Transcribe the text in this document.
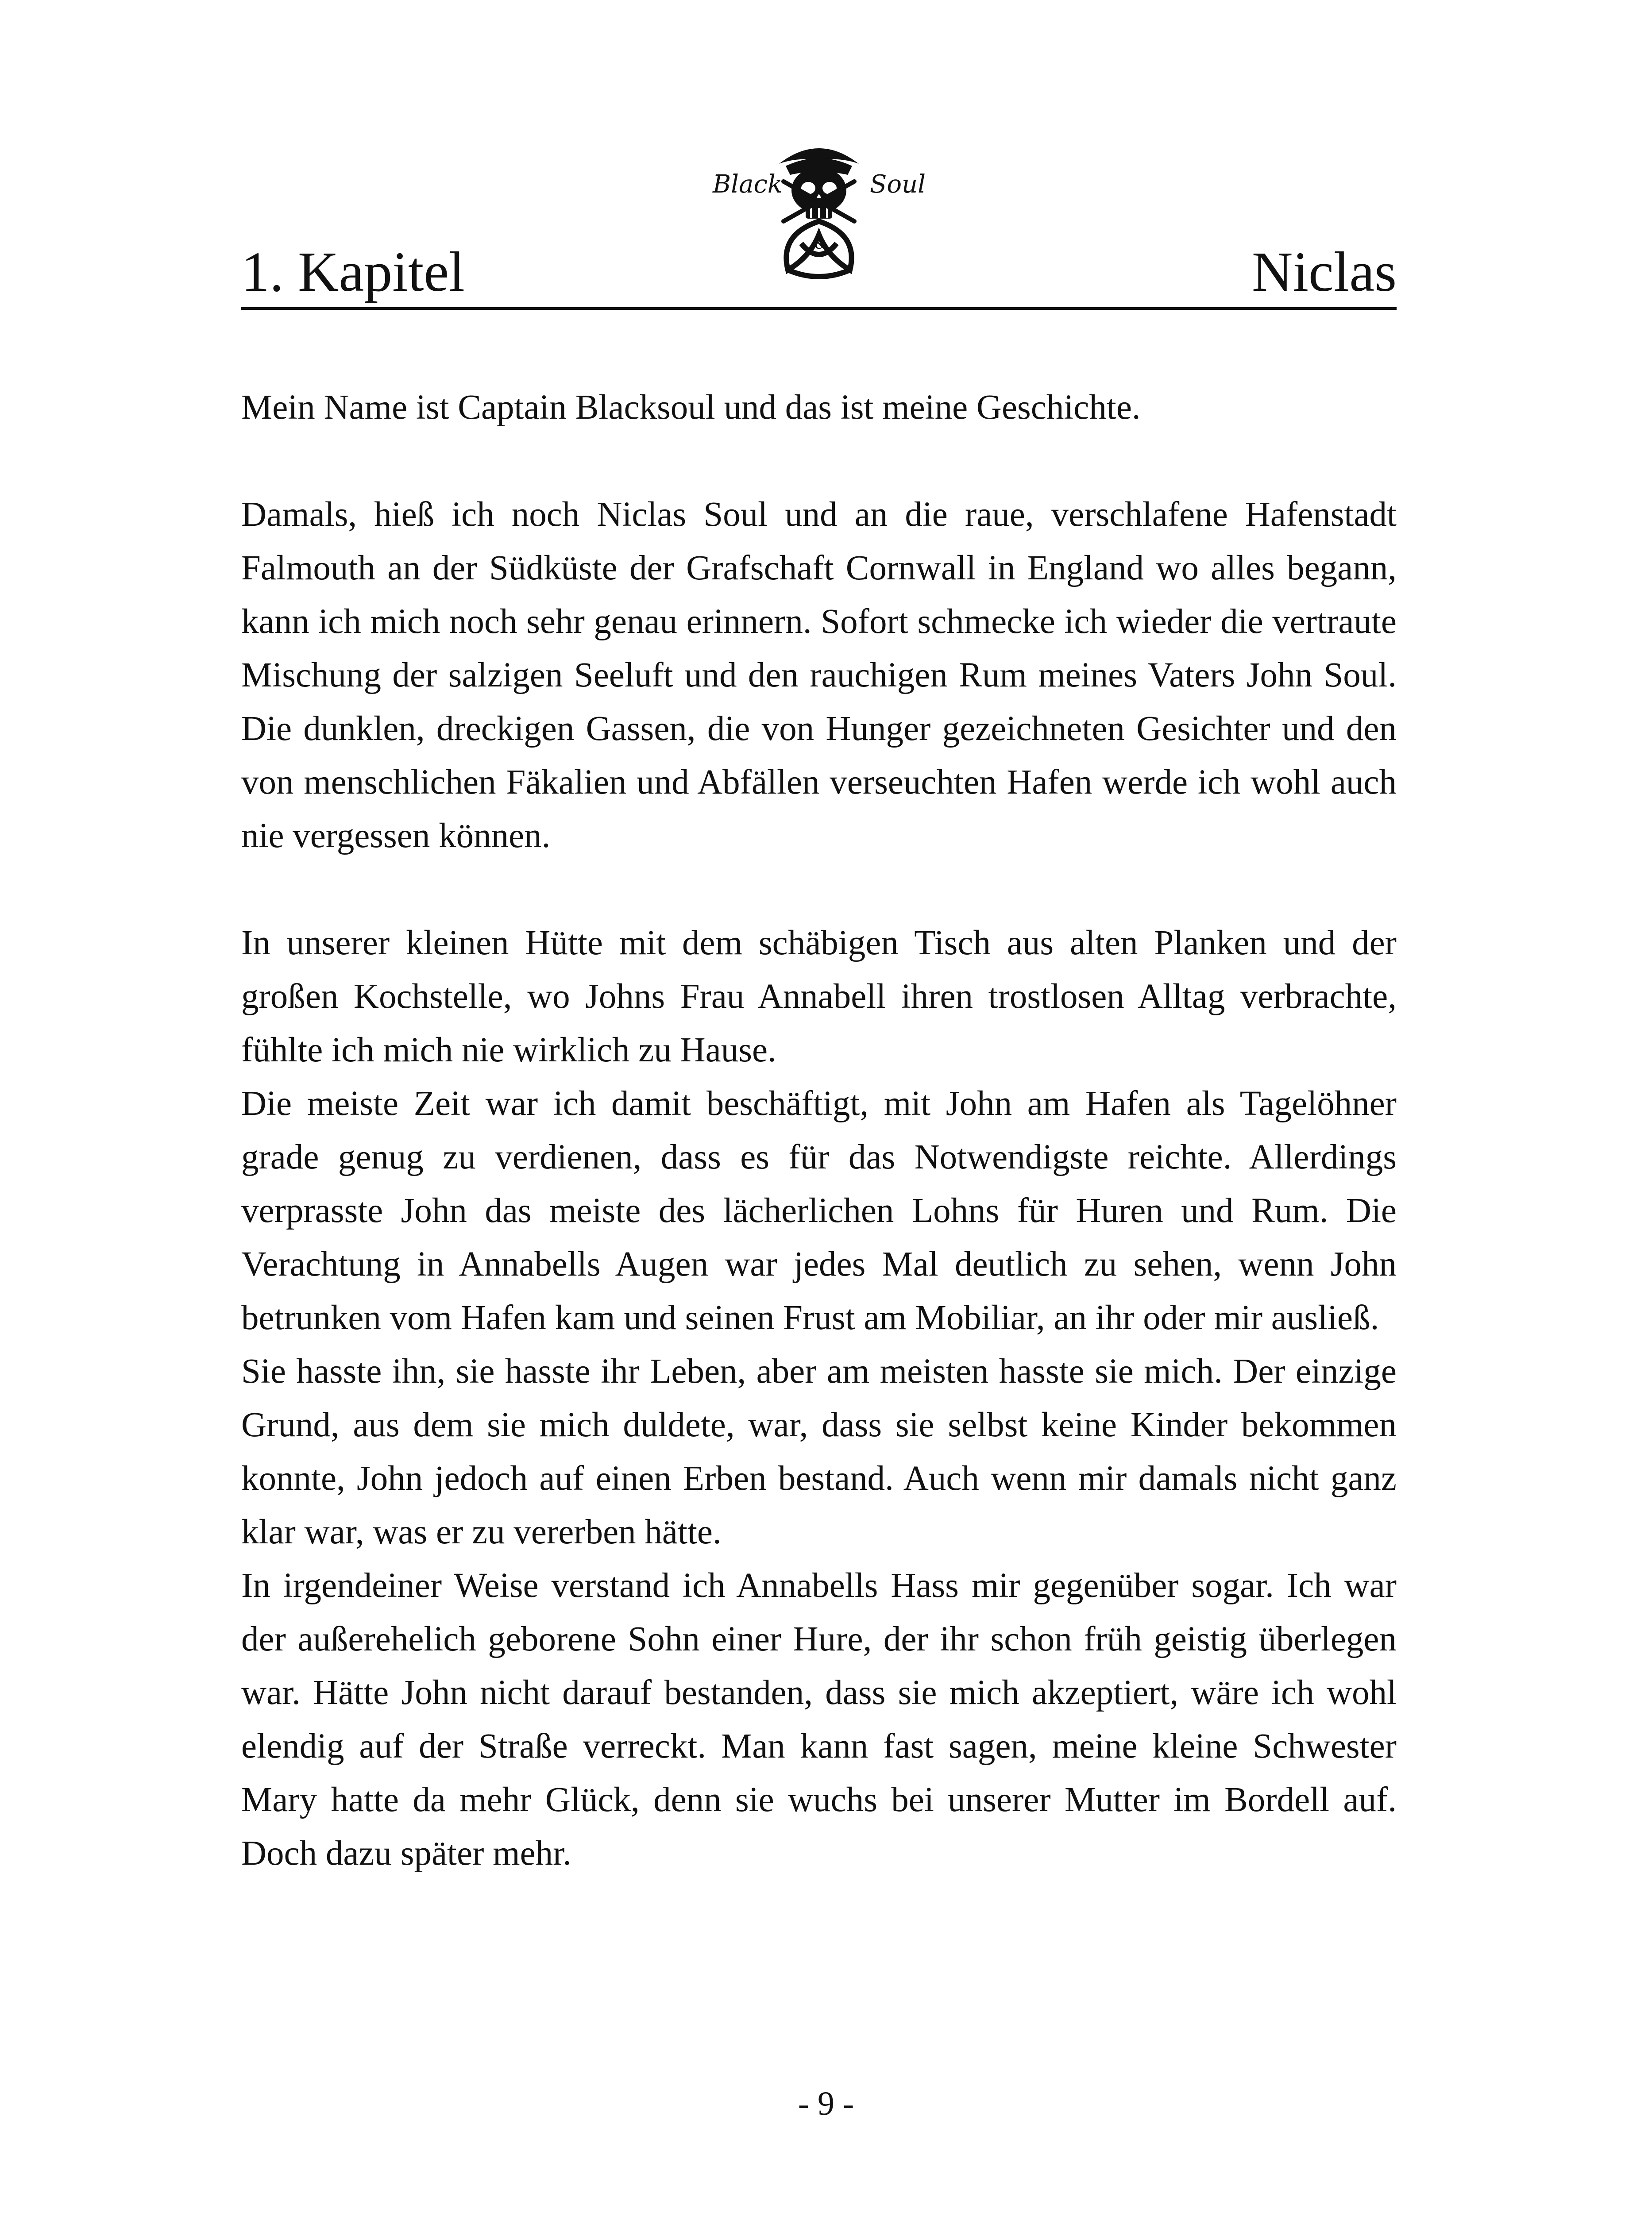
Black	Soul
&
1. Kapitel	Niclas

Mein Name ist Captain Blacksoul und das ist meine Geschichte.

Damals, hieß ich noch Niclas Soul und an die raue, verschlafene Hafenstadt Falmouth an der Südküste der Grafschaft Cornwall in England wo alles begann, kann ich mich noch sehr genau erinnern. Sofort schmecke ich wieder die vertraute Mischung der salzigen Seeluft und den rauchigen Rum meines Vaters John Soul. Die dunklen, dreckigen Gassen, die von Hunger gezeichneten Gesichter und den von menschlichen Fäkalien und Abfällen verseuchten Hafen werde ich wohl auch nie vergessen können.

In unserer kleinen Hütte mit dem schäbigen Tisch aus alten Planken und der großen Kochstelle, wo Johns Frau Annabell ihren trostlosen Alltag verbrachte, fühlte ich mich nie wirklich zu Hause.

Die meiste Zeit war ich damit beschäftigt, mit John am Hafen als Tagelöhner grade genug zu verdienen, dass es für das Notwendigste reichte. Allerdings verprasste John das meiste des lächerlichen Lohns für Huren und Rum. Die Verachtung in Annabells Augen war jedes Mal deutlich zu sehen, wenn John betrunken vom Hafen kam und seinen Frust am Mobiliar, an ihr oder mir ausließ.

Sie hasste ihn, sie hasste ihr Leben, aber am meisten hasste sie mich. Der einzige Grund, aus dem sie mich duldete, war, dass sie selbst keine Kinder bekommen konnte, John jedoch auf einen Erben bestand. Auch wenn mir damals nicht ganz klar war, was er zu vererben hätte.

In irgendeiner Weise verstand ich Annabells Hass mir gegenüber sogar. Ich war der außerehelich geborene Sohn einer Hure, der ihr schon früh geistig überlegen war. Hätte John nicht darauf bestanden, dass sie mich akzeptiert, wäre ich wohl elendig auf der Straße verreckt. Man kann fast sagen, meine kleine Schwester Mary hatte da mehr Glück, denn sie wuchs bei unserer Mutter im Bordell auf. Doch dazu später mehr.

- 9 -
